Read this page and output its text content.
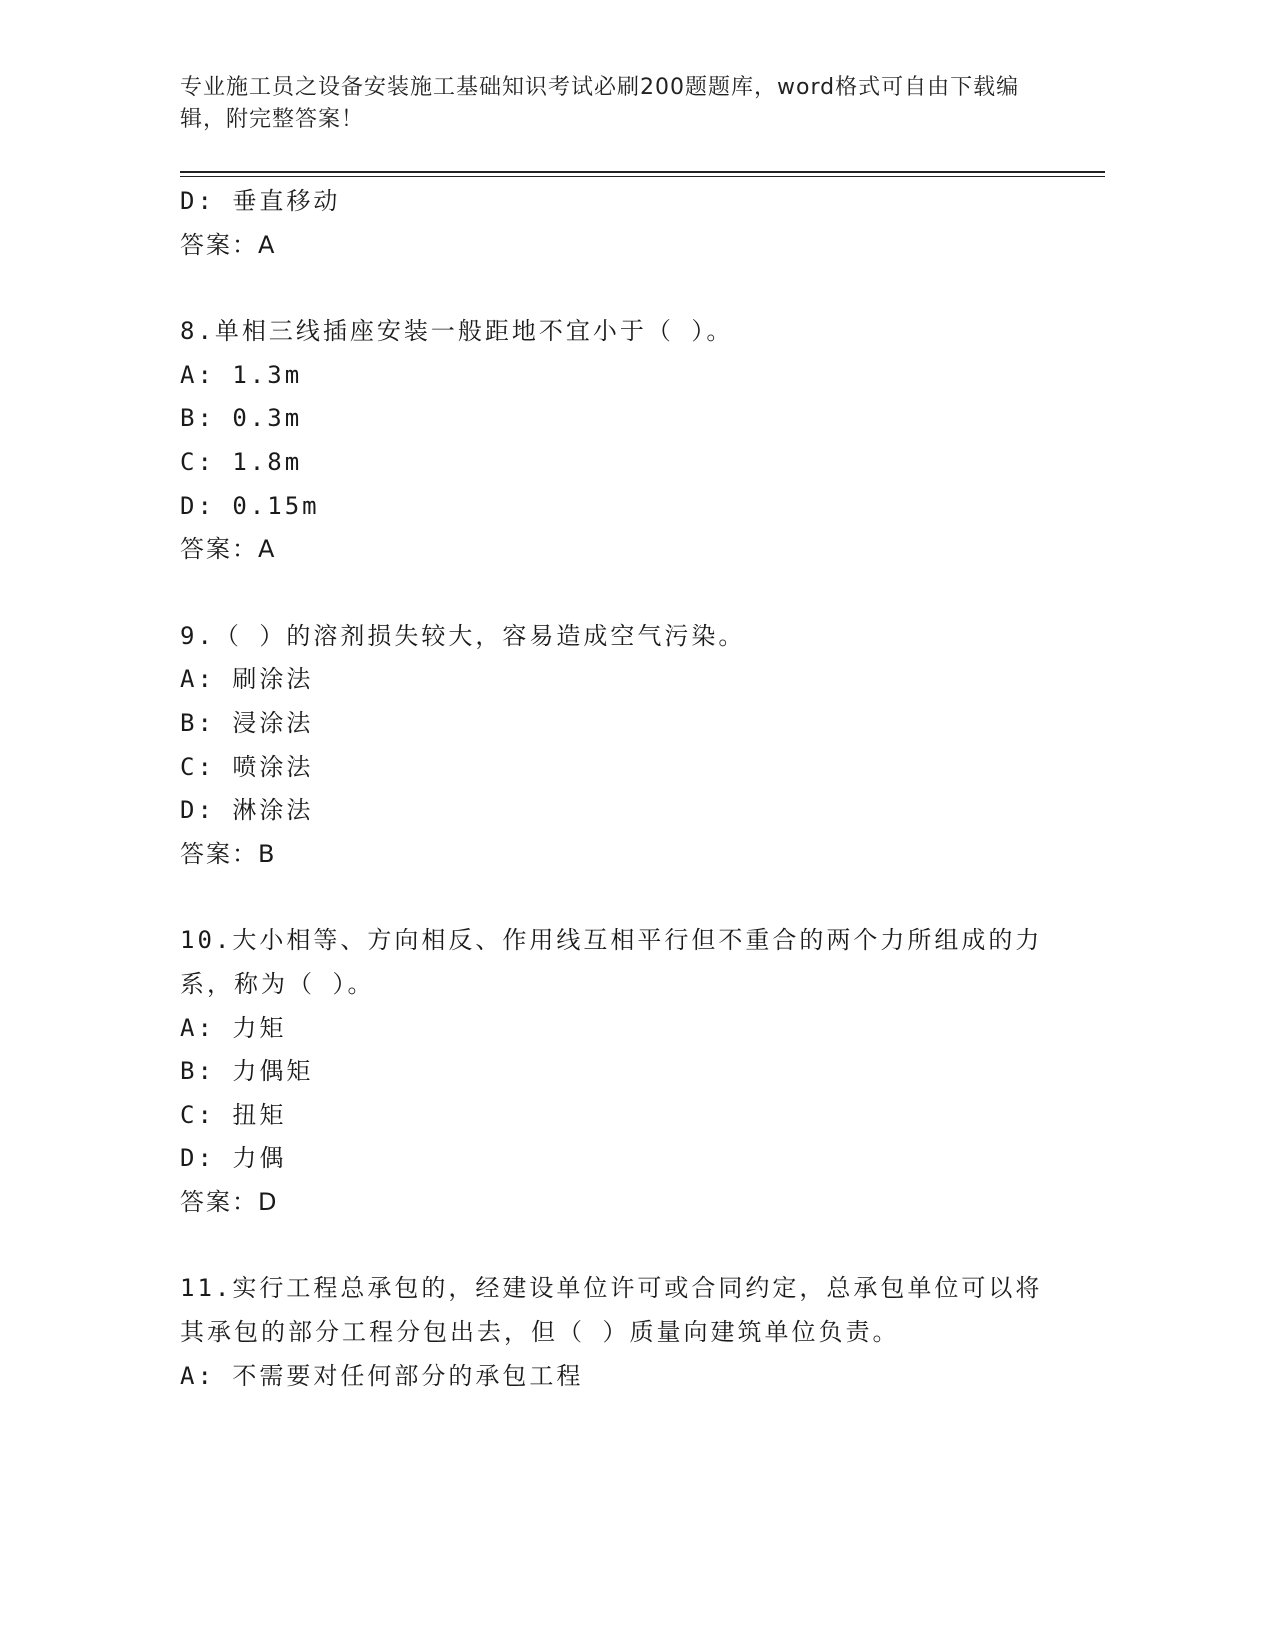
专业施工员之设备安装施工基础知识考试必刷200题题库，word格式可自由下载编辑，附完整答案！
D: 垂直移动
答案：A
8.单相三线插座安装一般距地不宜小于（ ）。
A: 1.3m
B: 0.3m
C: 1.8m
D: 0.15m
答案：A
9.（ ）的溶剂损失较大，容易造成空气污染。
A: 刷涂法
B: 浸涂法
C: 喷涂法
D: 淋涂法
答案：B
10.大小相等、方向相反、作用线互相平行但不重合的两个力所组成的力系，称为（ ）。
A: 力矩
B: 力偶矩
C: 扭矩
D: 力偶
答案：D
11.实行工程总承包的，经建设单位许可或合同约定，总承包单位可以将其承包的部分工程分包出去，但（ ）质量向建筑单位负责。
A: 不需要对任何部分的承包工程
